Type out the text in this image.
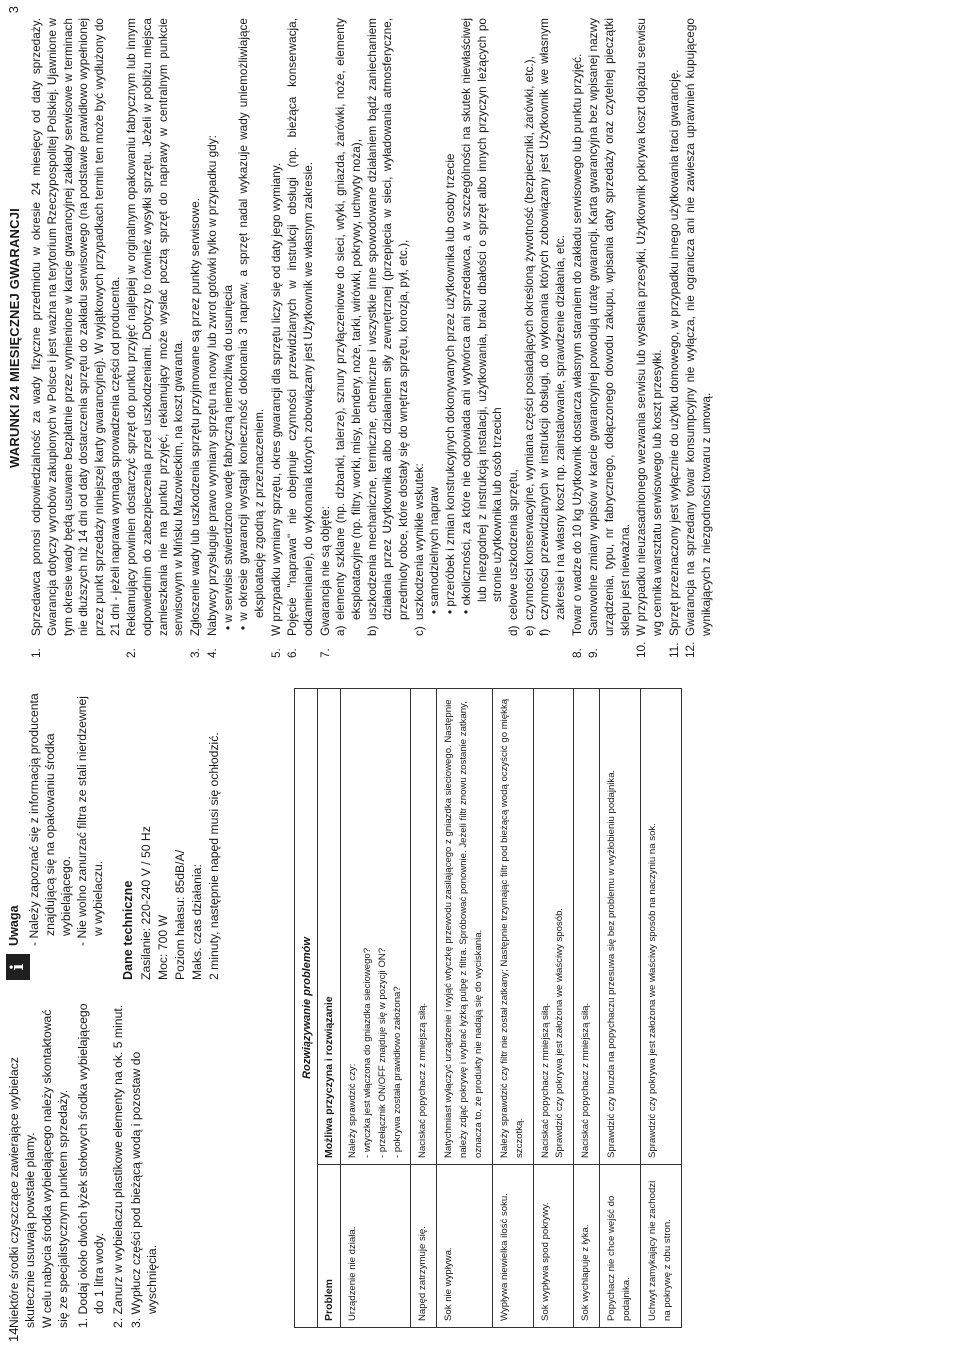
14
3

Niektóre środki czyszczące zawierające wybielacz skutecznie usuwają powstałe plamy. W celu nabycia środka wybielającego należy skontaktować się ze specjalistycznym punktem sprzedaży. 1. Dodaj około dwóch łyżek stołowych środka wybielającego do 1 litra wody. 2. Zanurz w wybielaczu plastikowe elementy na ok. 5 minut. 3. Wypłucz części pod bieżącą wodą i pozostaw do wyschnięcia.
i
Uwaga - Należy zapoznać się z informacją producenta znajdującą się na opakowaniu środka wybielającego. - Nie wolno zanurzać filtra ze stali nierdzewnej w wybielaczu. Dane techniczne Zasilanie: 220-240 V / 50 Hz Moc: 700 W Poziom hałasu: 85dB/A/ Maks. czas działania: 2 minuty, następnie napęd musi się ochłodzić.
Rozwiązywanie problemów
Problem	Możliwa przyczyna i rozwiązanie
Urządzenie nie działa.	Należy sprawdzić czy: - wtyczka jest włączona do gniazdka sieciowego? - przełącznik ON/OFF znajduje się w pozycji ON? - pokrywa została prawidłowo założona?

Napęd zatrzymuje się.	Naciskać popychacz z mniejszą siłą.

Sok nie wypływa.	Natychmiast wyłączyć urządzenie i wyjąć wtyczkę przewodu zasilającego z gniazdka sieciowego. Następnie należy zdjąć pokrywę i wybrać łyżką pulpę z filtra. Spróbować ponownie. Jeżeli filtr znowu zostanie zatkany, oznacza to, że produkty nie nadają się do wyciskania.

Wypływa niewielka ilość soku.	Należy sprawdzić czy filtr nie został zatkany; Następnie trzymając filtr pod bieżącą wodą oczyścić go miękką szczotką.

Sok wypływa spod pokrywy.	Naciskać popychacz z mniejszą siłą. Sprawdzić czy pokrywa jest założona we właściwy sposób.

Sok wychlapuje z łyka.	Naciskać popychacz z mniejszą siłą.

Popychacz nie chce wejść do podajnika.	Sprawdzić czy bruzda na popychaczu przesuwa się bez problemu w wyżłobieniu podajnika.

Uchwyt zamykający nie zachodzi na pokrywę z obu stron.	Sprawdzić czy pokrywa jest założona we właściwy sposób na naczyniu na sok.
WARUNKI 24 MIESIĘCZNEJ GWARANCJI
1.
Sprzedawca ponosi odpowiedzialność za wady fizyczne przedmiotu w okresie 24 miesięcy od daty sprzedaży. Gwarancja dotyczy wyrobów zakupionych w Polsce i jest ważna na terytorium Rzeczypospolitej Polskiej. Ujawnione w tym okresie wady będą usuwane bezpłatnie przez wymienione w karcie gwarancyjnej zakłady serwisowe w terminach nie dłuższych niż 14 dni od daty dostarczenia sprzętu do zakładu serwisowego (na podstawie prawidłowo wypełnionej przez punkt sprzedaży niniejszej karty gwarancyjnej). W wyjątkowych przypadkach termin ten może być wydłużony do 21 dni - jeżeli naprawa wymaga sprowadzenia części od producenta.
2.
Reklamujący powinien dostarczyć sprzęt do punktu przyjęć najlepiej w orginalnym opakowaniu fabrycznym lub innym odpowiednim do zabezpieczenia przed uszkodzeniami. Dotyczy to również wysyłki sprzętu. Jeżeli w pobliżu miejsca zamieszkania nie ma punktu przyjęć, reklamujący może wysłać pocztą sprzęt do naprawy w centralnym punkcie serwisowym w Mińsku Mazowieckim, na koszt gwaranta.
3.
Zgłoszenie wady lub uszkodzenia sprzętu przyjmowane są przez punkty serwisowe.
4.
Nabywcy przysługuje prawo wymiany sprzętu na nowy lub zwrot gotówki tylko w przypadku gdy: • w serwisie stwierdzono wadę fabryczną niemożliwą do usunięcia
• w okresie gwarancji wystąpi konieczność dokonania 3 napraw, a sprzęt nadal wykazuje wady uniemożliwiające eksploatację zgodną z przeznaczeniem.
5.
W przypadku wymiany sprzętu, okres gwarancji dla sprzętu liczy się od daty jego wymiany.
6.
Pojęcie "naprawa" nie obejmuje czynności przewidzianych w instrukcji obsługi (np. bieżąca konserwacja, odkamienianie), do wykonania których zobowiązany jest Użytkownik we własnym zakresie.
7.
Gwarancja nie są objęte: a)
elementy szklane (np. dzbanki, talerze), sznury przyłączeniowe do sieci, wtyki, gniazda, żarówki, noże, elementy eksploatacyjne (np. filtry, worki, misy, blendery, noże, tarki, wirówki, pokrywy, uchwyty noża),
b)
uszkodzenia mechaniczne, termiczne, chemiczne i wszystkie inne spowodowane działaniem bądź zaniechaniem działania przez Użytkownika albo działaniem siły zewnętrznej (przepięcia w sieci, wyładowania atmosferyczne, przedmioty obce, które dostały się do wnętrza sprzętu, korozja, pył, etc.),
c)
uszkodzenia wynikłe wskutek: • samodzielnych napraw
• przeróbek i zmian konstrukcyjnych dokonywanych przez użytkownika lub osoby trzecie
• okoliczności, za które nie odpowiada ani wytwórca ani sprzedawca, a w szczególności na skutek niewłaściwej lub niezgodnej z instrukcją instalacji, użytkowania, braku dbałości o sprzęt albo innych przyczyn leżących po stronie użytkownika lub osób trzecich
d)
celowe uszkodzenia sprzętu,
e)
czynności konserwacyjne, wymiana części posiadających określoną żywotność (bezpieczniki, żarówki, etc.),
f)
czynności przewidzianych w instrukcji obsługi, do wykonania których zobowiązany jest Użytkownik we własnym zakresie i na własny koszt np. zainstalowanie, sprawdzenie działania, etc.
8.
Towar o wadze do 10 kg Użytkownik dostarcza własnym staraniem do zakładu serwisowego lub punktu przyjęć.
9.
Samowolne zmiany wpisów w karcie gwarancyjnej powodują utratę gwarancji. Karta gwarancyjna bez wpisanej nazwy urządzenia, typu, nr fabrycznego, dołączonego dowodu zakupu, wpisania daty sprzedaży oraz czytelnej pieczątki sklepu jest nieważna.
10.
W przypadku nieuzasadnionego wezwania serwisu lub wysłania przesyłki, Użytkownik pokrywa koszt dojazdu serwisu wg cennika warsztatu serwisowego lub koszt przesyłki.
11.
Sprzęt przeznaczony jest wyłącznie do użytku domowego, w przypadku innego użytkowania traci gwarancję.
12.
Gwarancja na sprzedany towar konsumpcyjny nie wyłącza, nie ogranicza ani nie zawiesza uprawnień kupującego wynikających z niezgodności towaru z umową.
